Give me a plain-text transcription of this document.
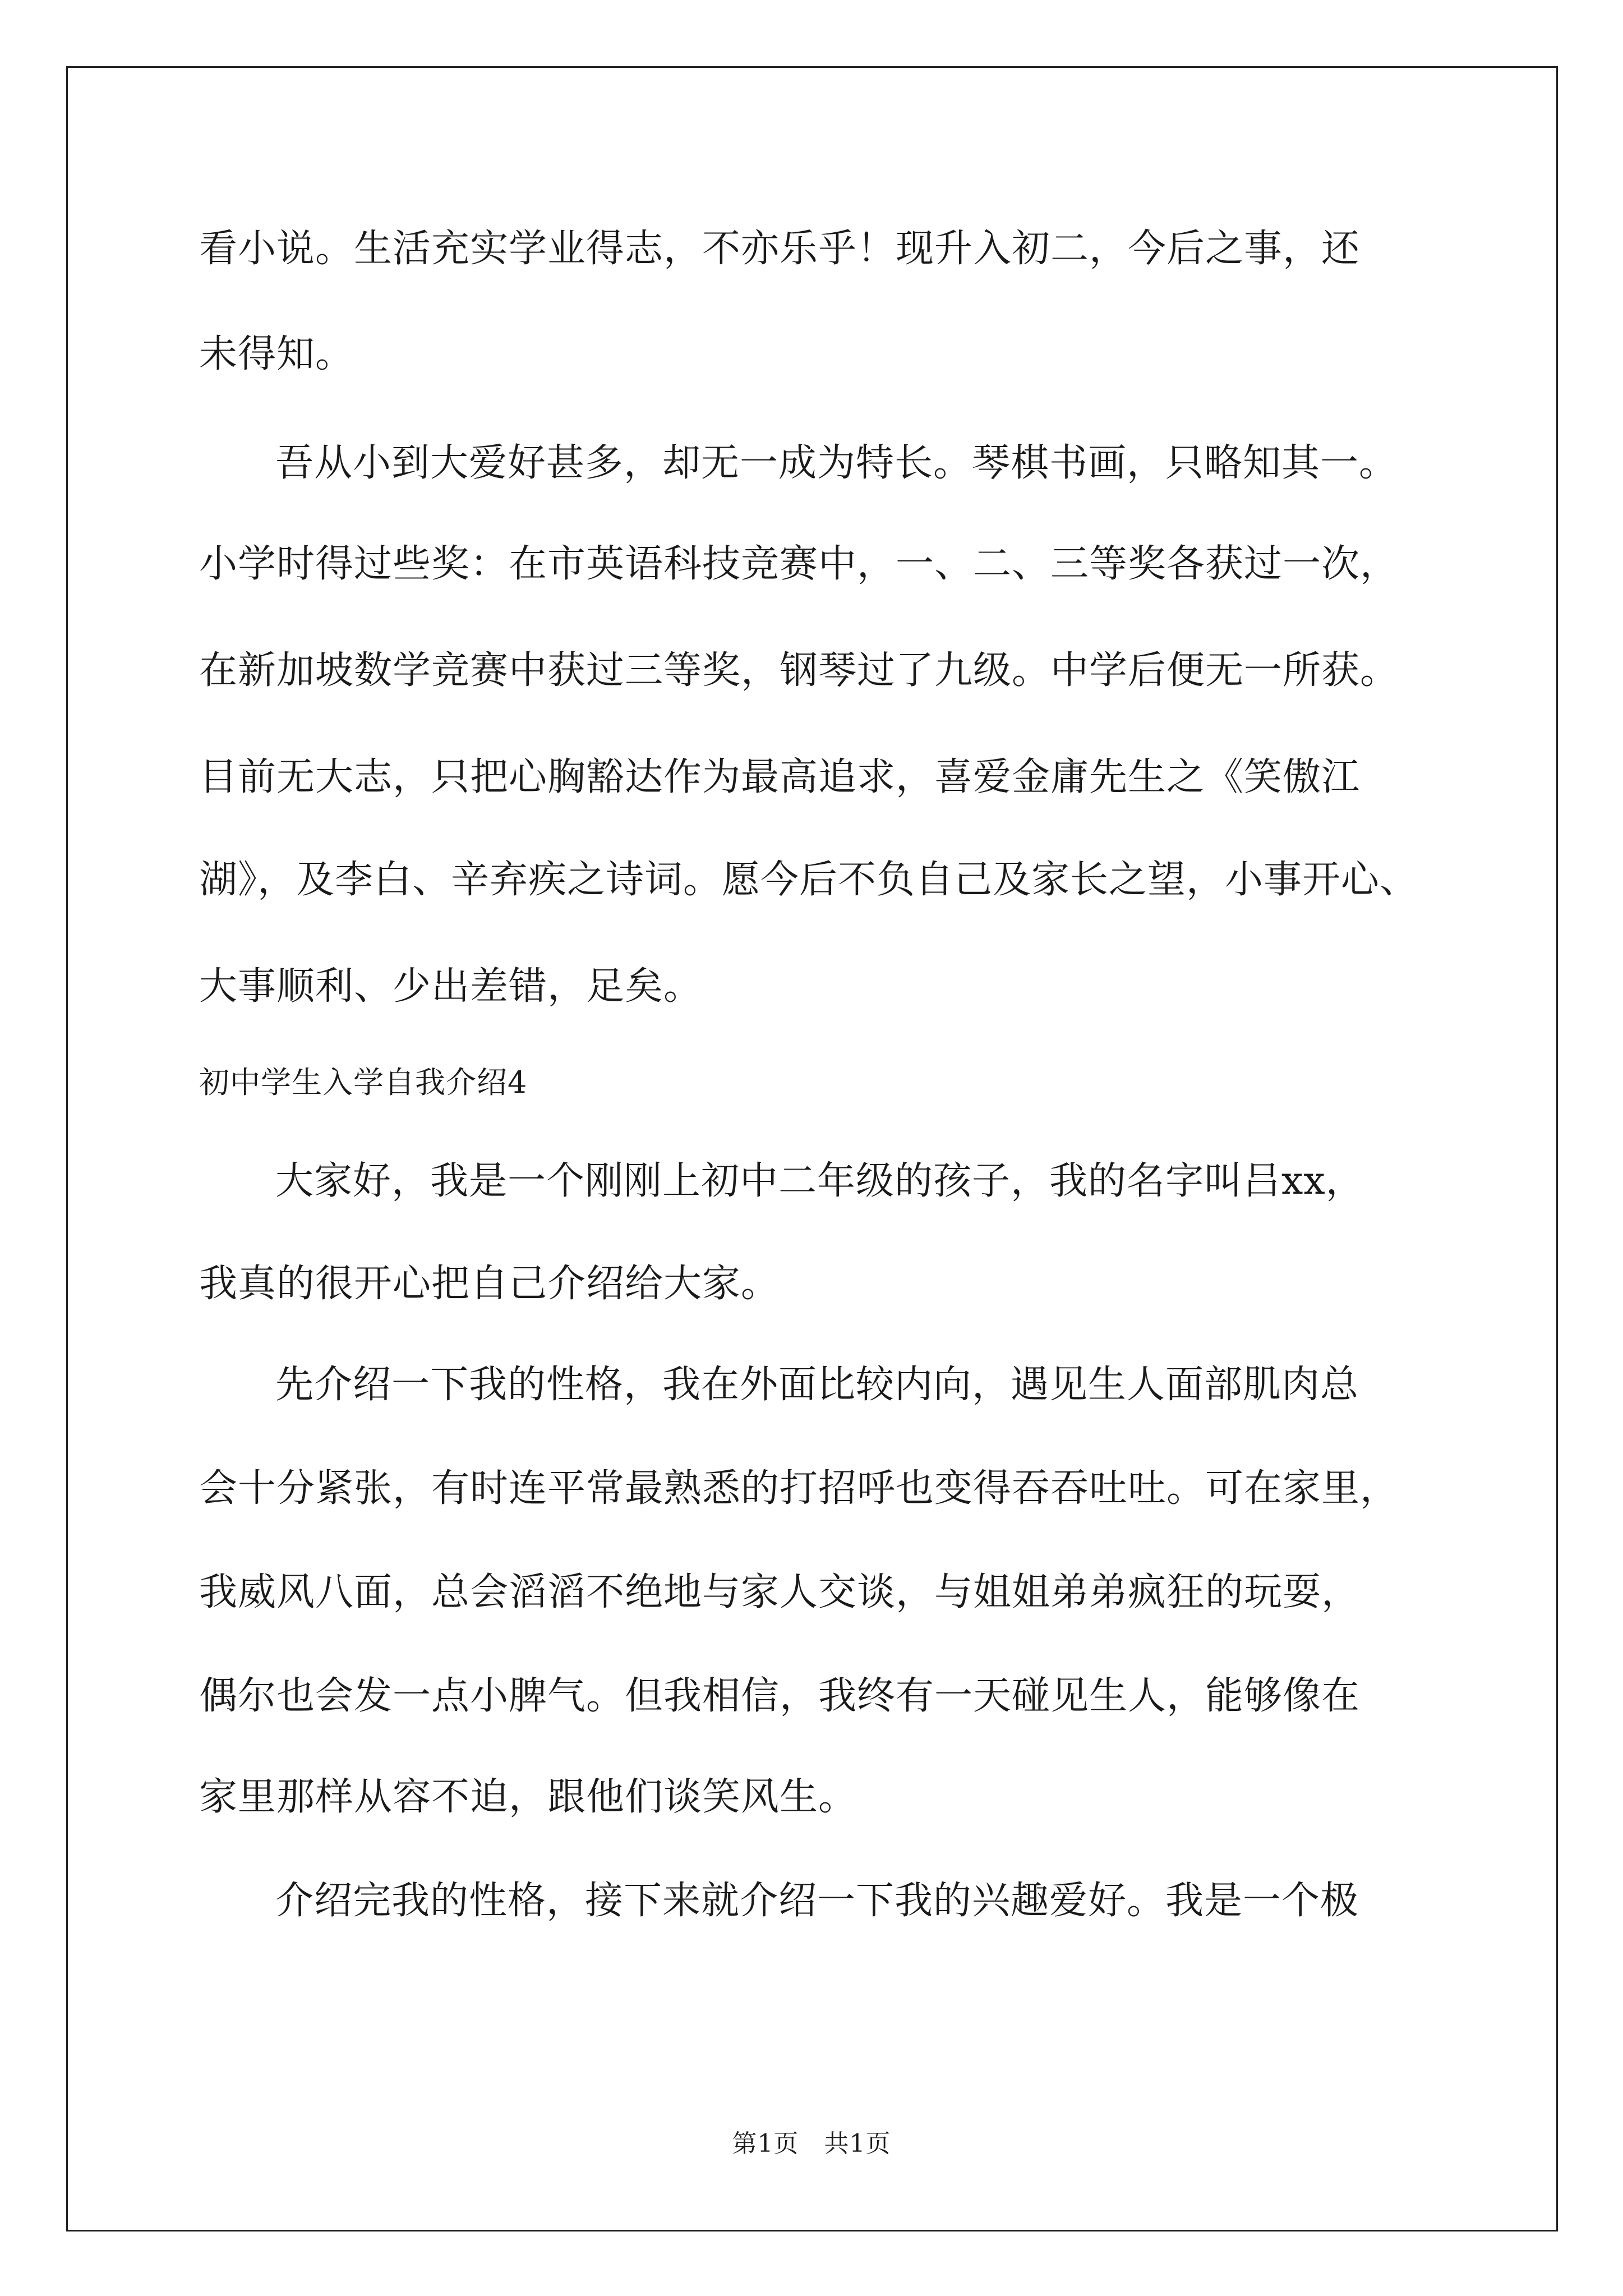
看小说。生活充实学业得志，不亦乐乎！现升入初二，今后之事，还
未得知。
吾从小到大爱好甚多，却无一成为特长。琴棋书画，只略知其一。
小学时得过些奖：在市英语科技竞赛中，一、二、三等奖各获过一次，
在新加坡数学竞赛中获过三等奖，钢琴过了九级。中学后便无一所获。
目前无大志，只把心胸豁达作为最高追求，喜爱金庸先生之《笑傲江
湖》，及李白、辛弃疾之诗词。愿今后不负自己及家长之望，小事开心、
大事顺利、少出差错，足矣。
初中学生入学自我介绍4
大家好，我是一个刚刚上初中二年级的孩子，我的名字叫吕xx，
我真的很开心把自己介绍给大家。
先介绍一下我的性格，我在外面比较内向，遇见生人面部肌肉总
会十分紧张，有时连平常最熟悉的打招呼也变得吞吞吐吐。可在家里，
我威风八面，总会滔滔不绝地与家人交谈，与姐姐弟弟疯狂的玩耍，
偶尔也会发一点小脾气。但我相信，我终有一天碰见生人，能够像在
家里那样从容不迫，跟他们谈笑风生。
介绍完我的性格，接下来就介绍一下我的兴趣爱好。我是一个极
第1页　共1页
